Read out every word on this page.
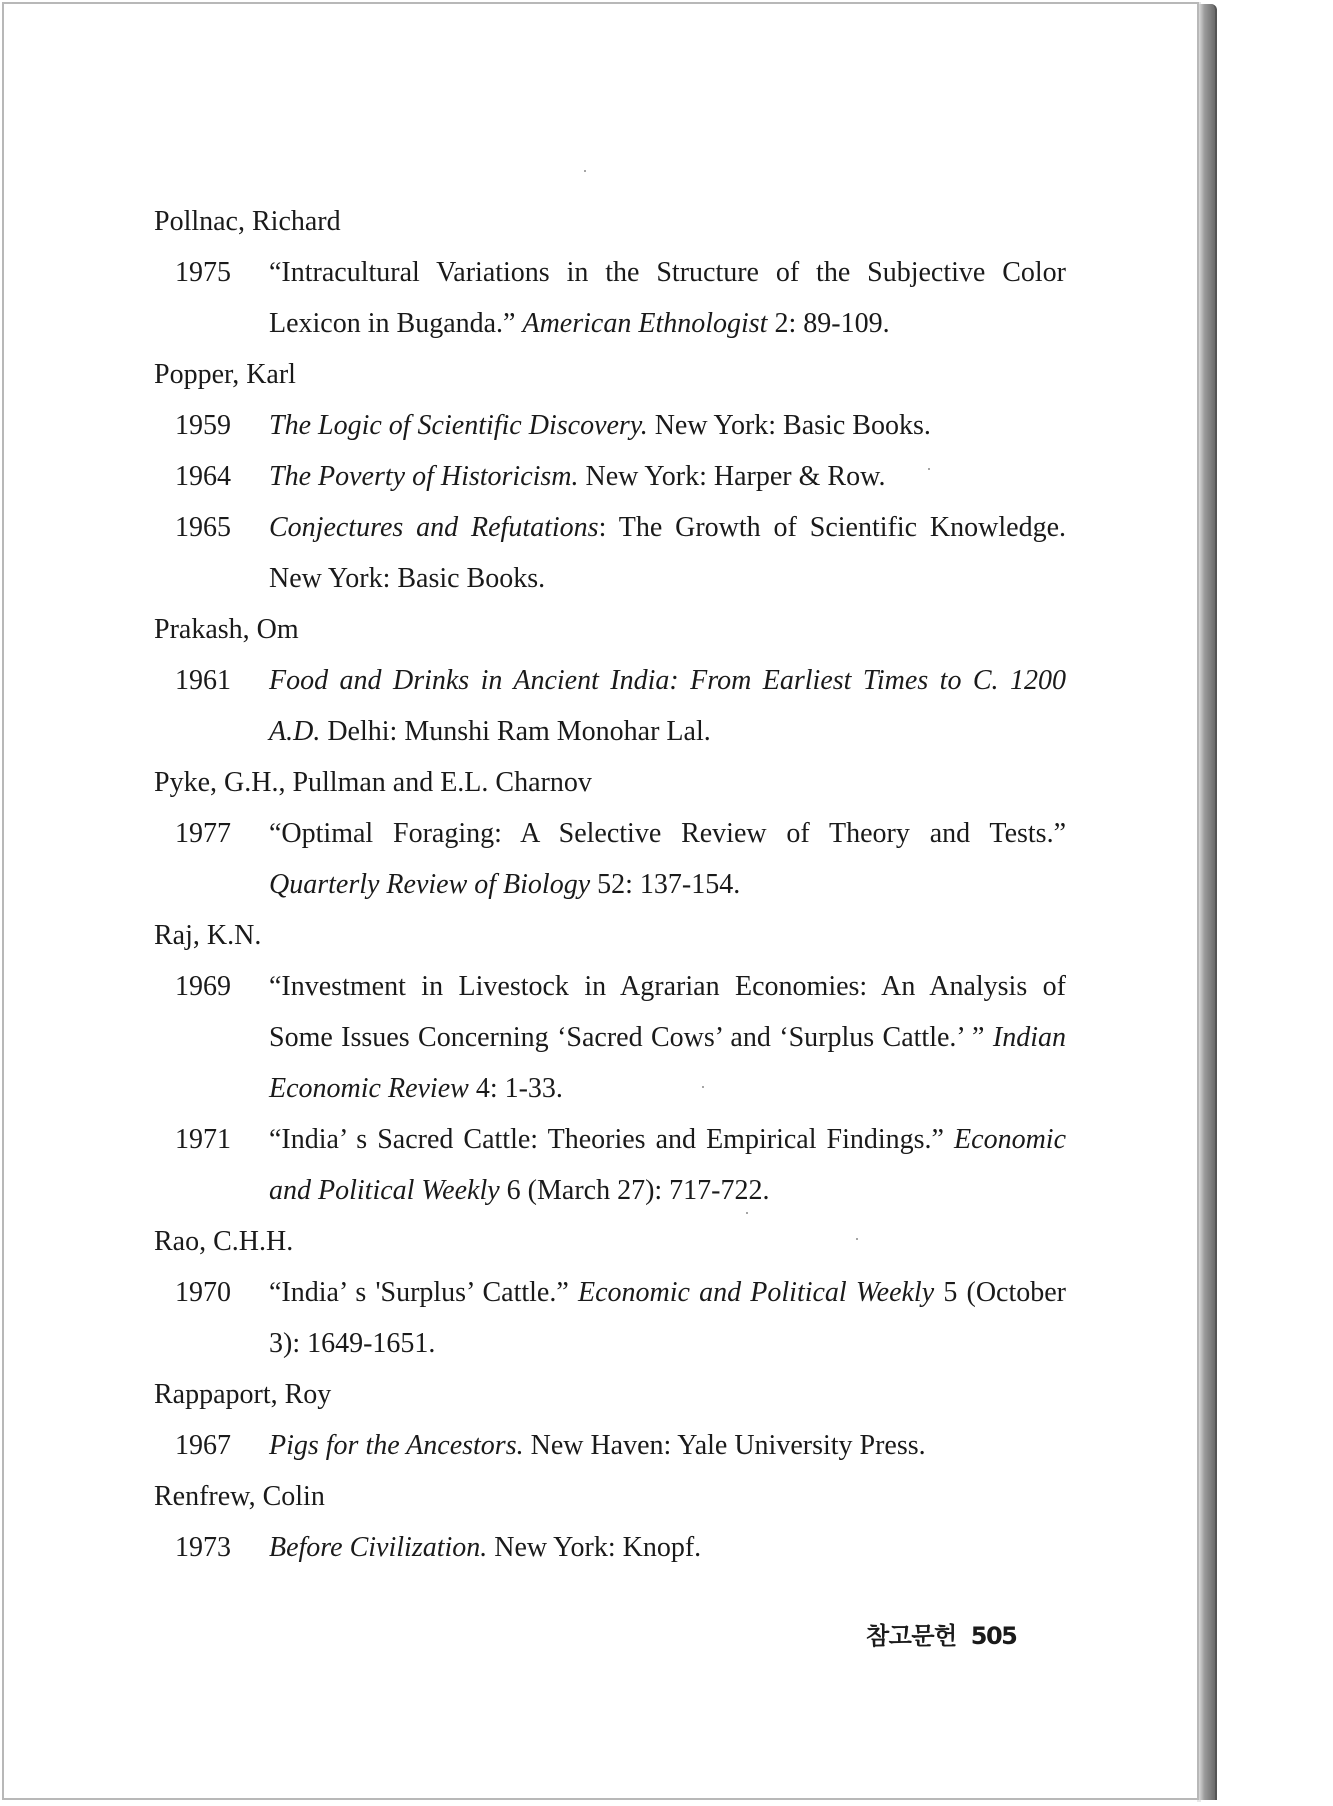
Pollnac, Richard
1975	“Intracultural Variations in the Structure of the Subjective Color Lexicon in Buganda.” American Ethnologist 2: 89-109.
Popper, Karl
1959	The Logic of Scientific Discovery. New York: Basic Books.
1964	The Poverty of Historicism. New York: Harper & Row.
1965	Conjectures and Refutations: The Growth of Scientific Knowledge. New York: Basic Books.
Prakash, Om
1961	Food and Drinks in Ancient India: From Earliest Times to C. 1200 A.D. Delhi: Munshi Ram Monohar Lal.
Pyke, G.H., Pullman and E.L. Charnov
1977	“Optimal Foraging: A Selective Review of Theory and Tests.” Quarterly Review of Biology 52: 137-154.
Raj, K.N.
1969	“Investment in Livestock in Agrarian Economies: An Analysis of Some Issues Concerning ‘Sacred Cows’ and ‘Surplus Cattle.’ ” Indian Economic Review 4: 1-33.
1971	“India’ s Sacred Cattle: Theories and Empirical Findings.” Economic and Political Weekly 6 (March 27): 717-722.
Rao, C.H.H.
1970	“India’ s 'Surplus’ Cattle.” Economic and Political Weekly 5 (October 3): 1649-1651.
Rappaport, Roy
1967	Pigs for the Ancestors. New Haven: Yale University Press.
Renfrew, Colin
1973	Before Civilization. New York: Knopf.
참고문헌 505
